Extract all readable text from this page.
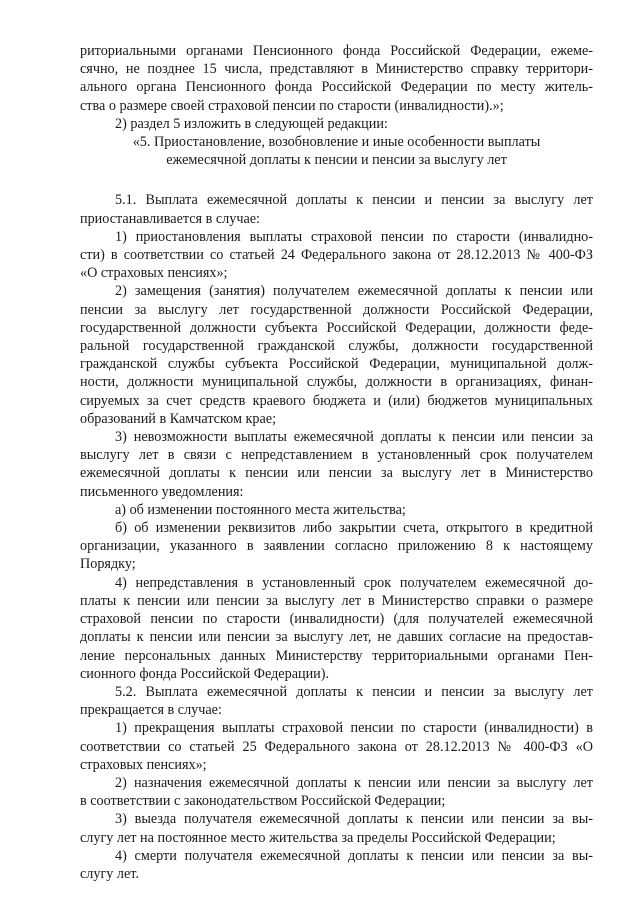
риториальными органами Пенсионного фонда Российской Федерации, ежеме-
сячно, не позднее 15 числа, представляют в Министерство справку территори-
ального органа Пенсионного фонда Российской Федерации по месту житель-
ства о размере своей страховой пенсии по старости (инвалидности).»;
2) раздел 5 изложить в следующей редакции:
«5. Приостановление, возобновление и иные особенности выплаты
ежемесячной доплаты к пенсии и пенсии за выслугу лет
5.1. Выплата ежемесячной доплаты к пенсии и пенсии за выслугу лет
приостанавливается в случае:
1) приостановления выплаты страховой пенсии по старости (инвалидно-
сти) в соответствии со статьей 24 Федерального закона от 28.12.2013 № 400-ФЗ
«О страховых пенсиях»;
2) замещения (занятия) получателем ежемесячной доплаты к пенсии или
пенсии за выслугу лет государственной должности Российской Федерации,
государственной должности субъекта Российской Федерации, должности феде-
ральной государственной гражданской службы, должности государственной
гражданской службы субъекта Российской Федерации, муниципальной долж-
ности, должности муниципальной службы, должности в организациях, финан-
сируемых за счет средств краевого бюджета и (или) бюджетов муниципальных
образований в Камчатском крае;
3) невозможности выплаты ежемесячной доплаты к пенсии или пенсии за
выслугу лет в связи с непредставлением в установленный срок получателем
ежемесячной доплаты к пенсии или пенсии за выслугу лет в Министерство
письменного уведомления:
а) об изменении постоянного места жительства;
б) об изменении реквизитов либо закрытии счета, открытого в кредитной
организации, указанного в заявлении согласно приложению 8 к настоящему
Порядку;
4) непредставления в установленный срок получателем ежемесячной до-
платы к пенсии или пенсии за выслугу лет в Министерство справки о размере
страховой пенсии по старости (инвалидности) (для получателей ежемесячной
доплаты к пенсии или пенсии за выслугу лет, не давших согласие на предостав-
ление персональных данных Министерству территориальными органами Пен-
сионного фонда Российской Федерации).
5.2. Выплата ежемесячной доплаты к пенсии и пенсии за выслугу лет
прекращается в случае:
1) прекращения выплаты страховой пенсии по старости (инвалидности) в
соответствии со статьей 25 Федерального закона от 28.12.2013 № 400-ФЗ «О
страховых пенсиях»;
2) назначения ежемесячной доплаты к пенсии или пенсии за выслугу лет
в соответствии с законодательством Российской Федерации;
3) выезда получателя ежемесячной доплаты к пенсии или пенсии за вы-
слугу лет на постоянное место жительства за пределы Российской Федерации;
4) смерти получателя ежемесячной доплаты к пенсии или пенсии за вы-
слугу лет.
